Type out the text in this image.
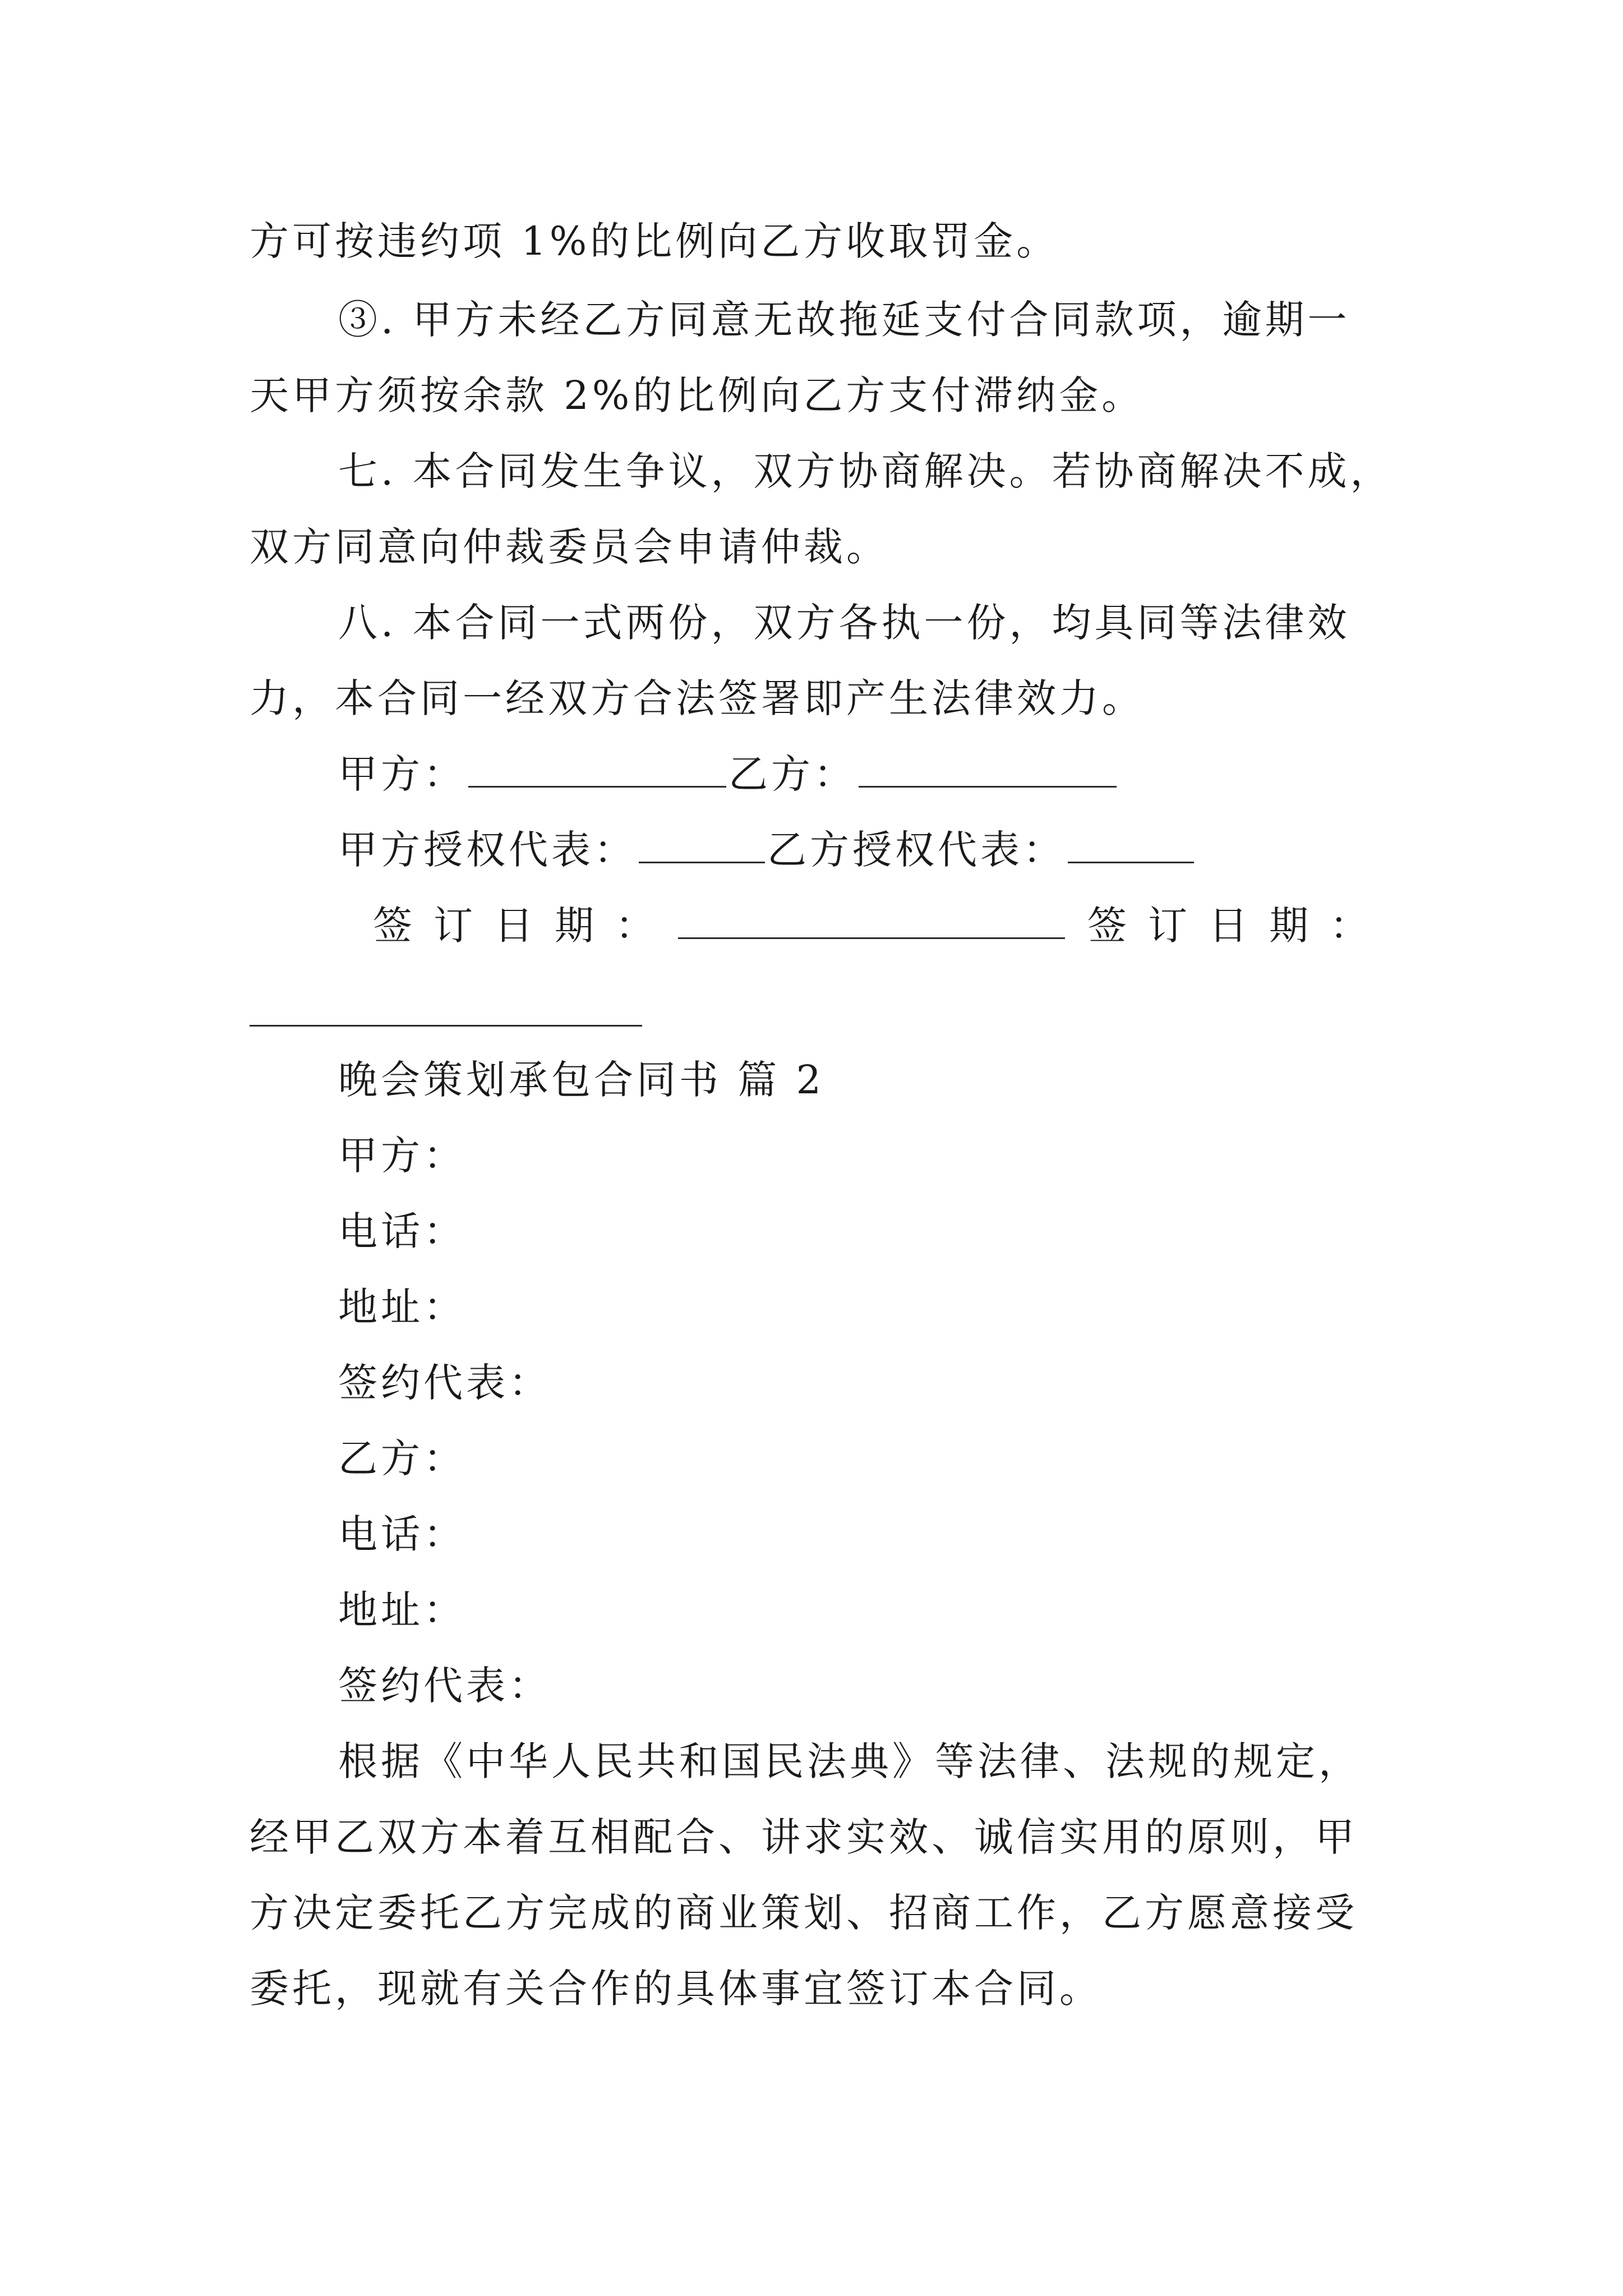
方可按违约项 1%的比例向乙方收取罚金。
③. 甲方未经乙方同意无故拖延支付合同款项，逾期一
天甲方须按余款 2%的比例向乙方支付滞纳金。
七. 本合同发生争议，双方协商解决。若协商解决不成，
双方同意向仲裁委员会申请仲裁。
八. 本合同一式两份，双方各执一份，均具同等法律效
力，本合同一经双方合法签署即产生法律效力。
甲方：	乙方：
甲方授权代表：	乙方授权代表：
签订日期：	签订日期：
晚会策划承包合同书 篇 2
甲方：
电话：
地址：
签约代表：
乙方：
电话：
地址：
签约代表：
根据《中华人民共和国民法典》等法律、法规的规定，
经甲乙双方本着互相配合、讲求实效、诚信实用的原则，甲
方决定委托乙方完成的商业策划、招商工作，乙方愿意接受
委托，现就有关合作的具体事宜签订本合同。
